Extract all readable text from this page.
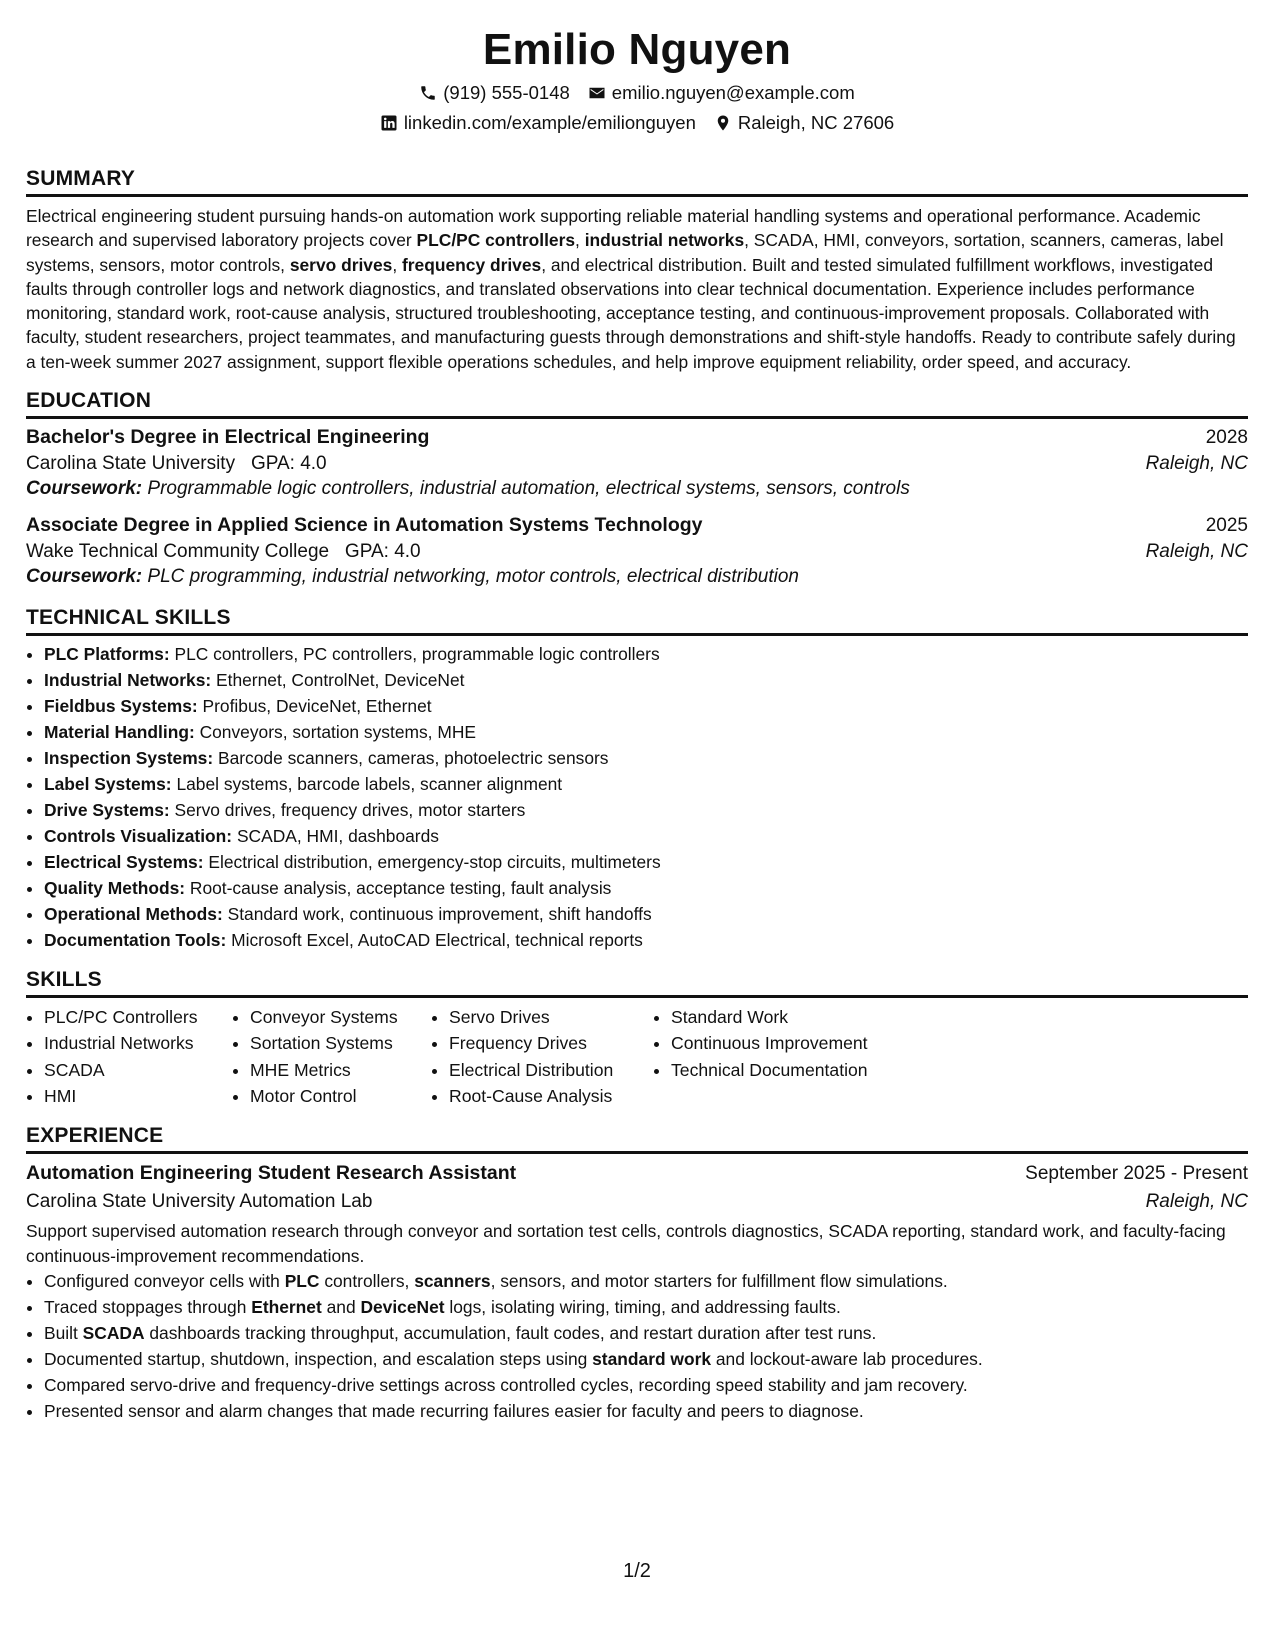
Emilio Nguyen
(919) 555-0148 emilio.nguyen@example.com
linkedin.com/example/emilionguyen Raleigh, NC 27606
SUMMARY
Electrical engineering student pursuing hands-on automation work supporting reliable material handling systems and operational performance. Academic research and supervised laboratory projects cover PLC/PC controllers, industrial networks, SCADA, HMI, conveyors, sortation, scanners, cameras, label systems, sensors, motor controls, servo drives, frequency drives, and electrical distribution. Built and tested simulated fulfillment workflows, investigated faults through controller logs and network diagnostics, and translated observations into clear technical documentation. Experience includes performance monitoring, standard work, root-cause analysis, structured troubleshooting, acceptance testing, and continuous-improvement proposals. Collaborated with faculty, student researchers, project teammates, and manufacturing guests through demonstrations and shift-style handoffs. Ready to contribute safely during a ten-week summer 2027 assignment, support flexible operations schedules, and help improve equipment reliability, order speed, and accuracy.
EDUCATION
Bachelor's Degree in Electrical Engineering	2028
Carolina State University GPA: 4.0	Raleigh, NC
Coursework: Programmable logic controllers, industrial automation, electrical systems, sensors, controls
Associate Degree in Applied Science in Automation Systems Technology	2025
Wake Technical Community College GPA: 4.0	Raleigh, NC
Coursework: PLC programming, industrial networking, motor controls, electrical distribution
TECHNICAL SKILLS
• PLC Platforms: PLC controllers, PC controllers, programmable logic controllers
• Industrial Networks: Ethernet, ControlNet, DeviceNet
• Fieldbus Systems: Profibus, DeviceNet, Ethernet
• Material Handling: Conveyors, sortation systems, MHE
• Inspection Systems: Barcode scanners, cameras, photoelectric sensors
• Label Systems: Label systems, barcode labels, scanner alignment
• Drive Systems: Servo drives, frequency drives, motor starters
• Controls Visualization: SCADA, HMI, dashboards
• Electrical Systems: Electrical distribution, emergency-stop circuits, multimeters
• Quality Methods: Root-cause analysis, acceptance testing, fault analysis
• Operational Methods: Standard work, continuous improvement, shift handoffs
• Documentation Tools: Microsoft Excel, AutoCAD Electrical, technical reports
SKILLS
• PLC/PC Controllers
• Industrial Networks
• SCADA
• HMI
• Conveyor Systems
• Sortation Systems
• MHE Metrics
• Motor Control
• Servo Drives
• Frequency Drives
• Electrical Distribution
• Root-Cause Analysis
• Standard Work
• Continuous Improvement
• Technical Documentation
EXPERIENCE
Automation Engineering Student Research Assistant	September 2025 - Present
Carolina State University Automation Lab	Raleigh, NC
Support supervised automation research through conveyor and sortation test cells, controls diagnostics, SCADA reporting, standard work, and faculty-facing continuous-improvement recommendations.
• Configured conveyor cells with PLC controllers, scanners, sensors, and motor starters for fulfillment flow simulations.
• Traced stoppages through Ethernet and DeviceNet logs, isolating wiring, timing, and addressing faults.
• Built SCADA dashboards tracking throughput, accumulation, fault codes, and restart duration after test runs.
• Documented startup, shutdown, inspection, and escalation steps using standard work and lockout-aware lab procedures.
• Compared servo-drive and frequency-drive settings across controlled cycles, recording speed stability and jam recovery.
• Presented sensor and alarm changes that made recurring failures easier for faculty and peers to diagnose.
1/2
